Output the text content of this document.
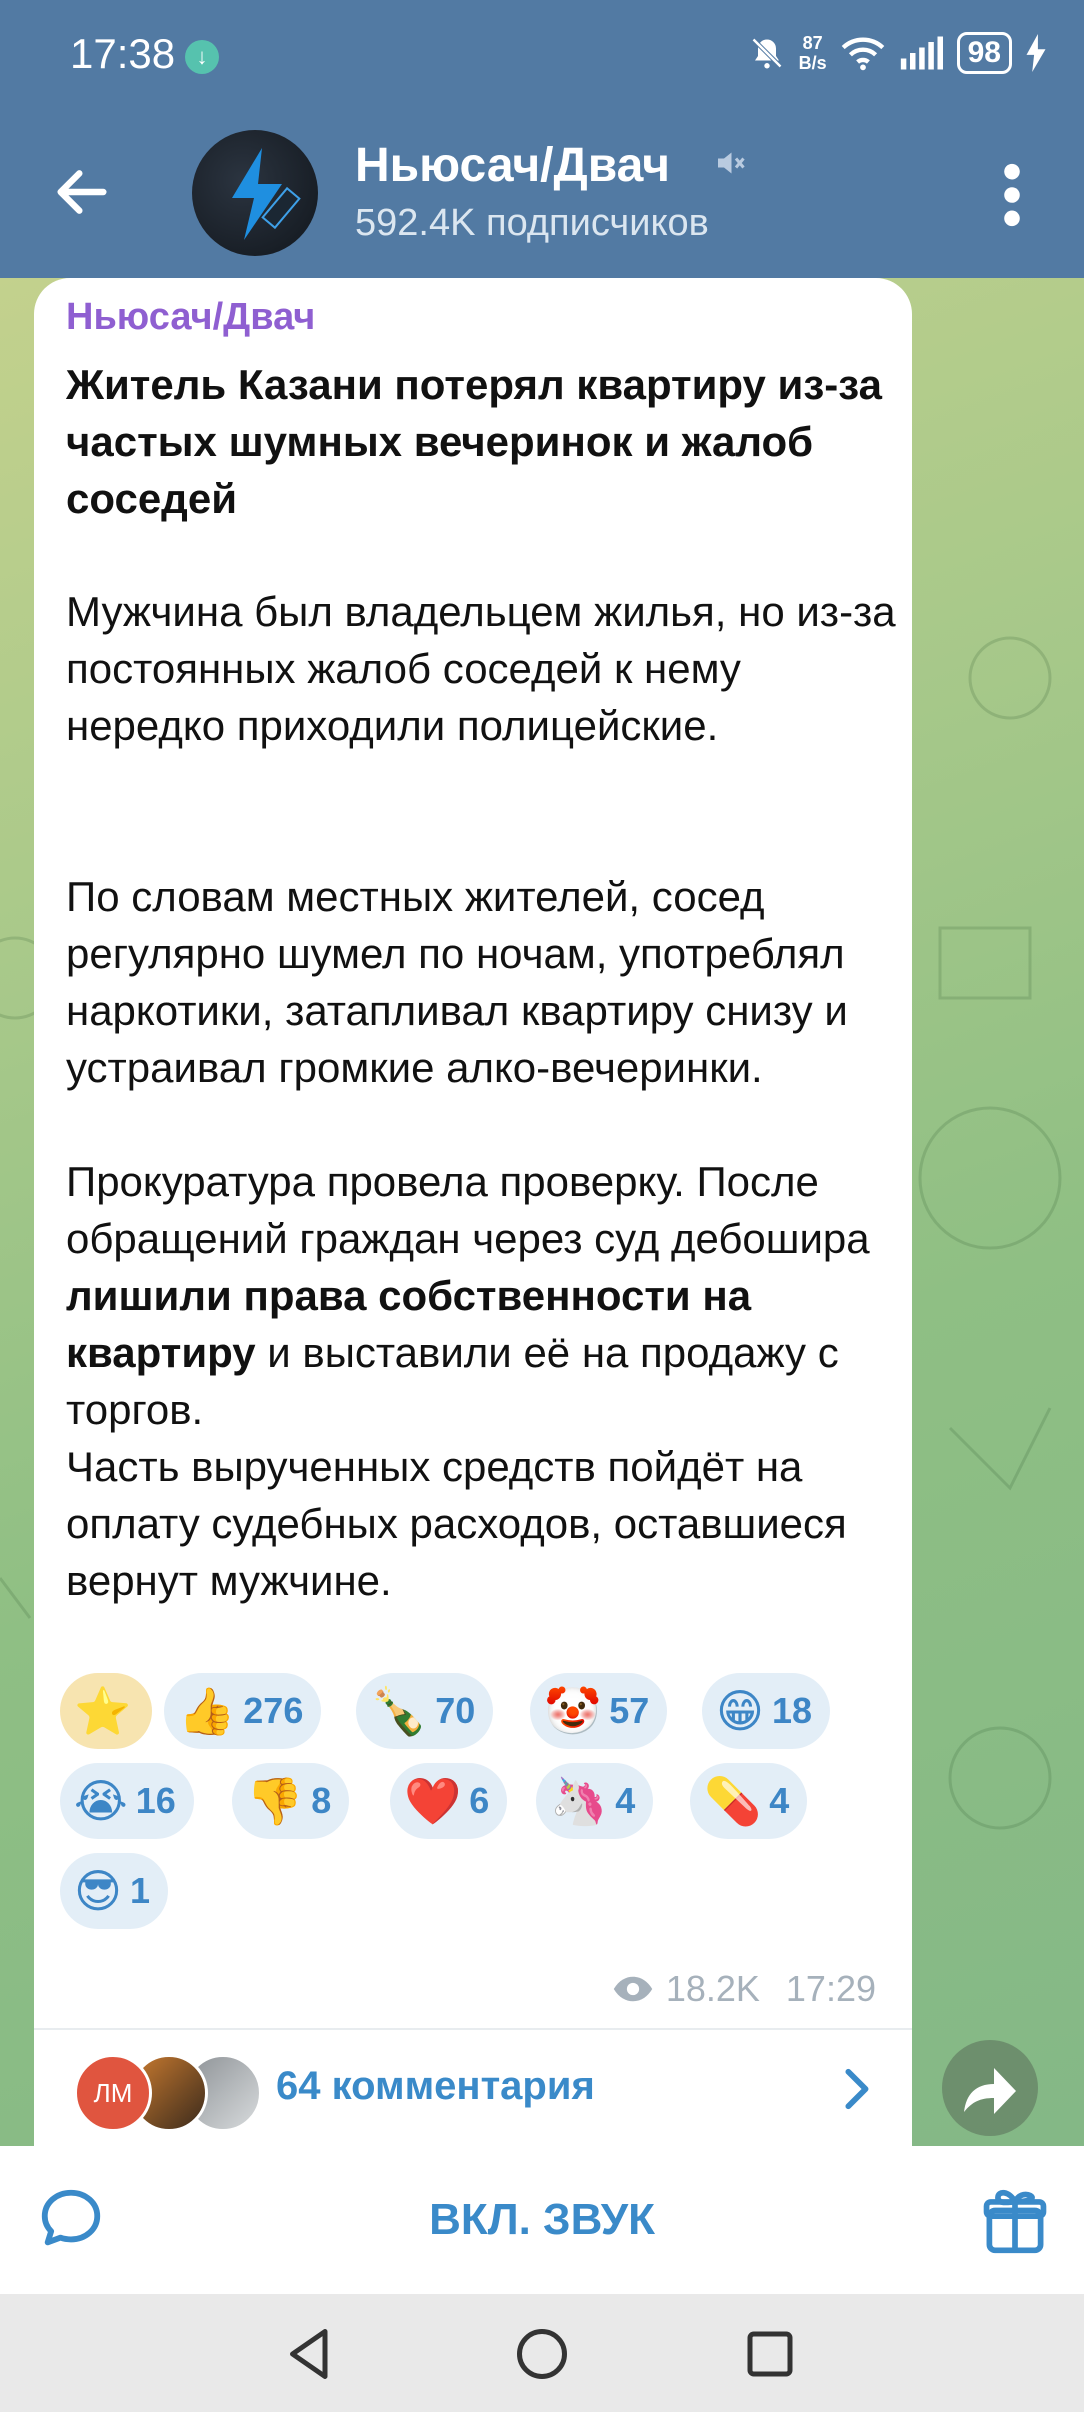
17:38 ↓
87
B/s	98
Ньюсач/Двач
592.4K подписчиков
Ньюсач/Двач
Житель Казани потерял квартиру из-за частых шумных вечеринок и жалоб соседей
Мужчина был владельцем жилья, но из-за постоянных жалоб соседей к нему нередко приходили полицейские.
По словам местных жителей, сосед регулярно шумел по ночам, употреблял наркотики, затапливал квартиру снизу и устраивал громкие алко-вечеринки.
Прокуратура провела проверку. После обращений граждан через суд дебошира лишили права собственности на квартиру и выставили её на продажу с торгов.
Часть вырученных средств пойдёт на оплату судебных расходов, оставшиеся вернут мужчине.
⭐ 👍 276 🍾 70 🤡 57 😁 18
😭 16 👎 8 ❤️ 6 🦄 4 💊 4
😎 1
18.2K 17:29
ЛМ	64 комментария
ВКЛ. ЗВУК
